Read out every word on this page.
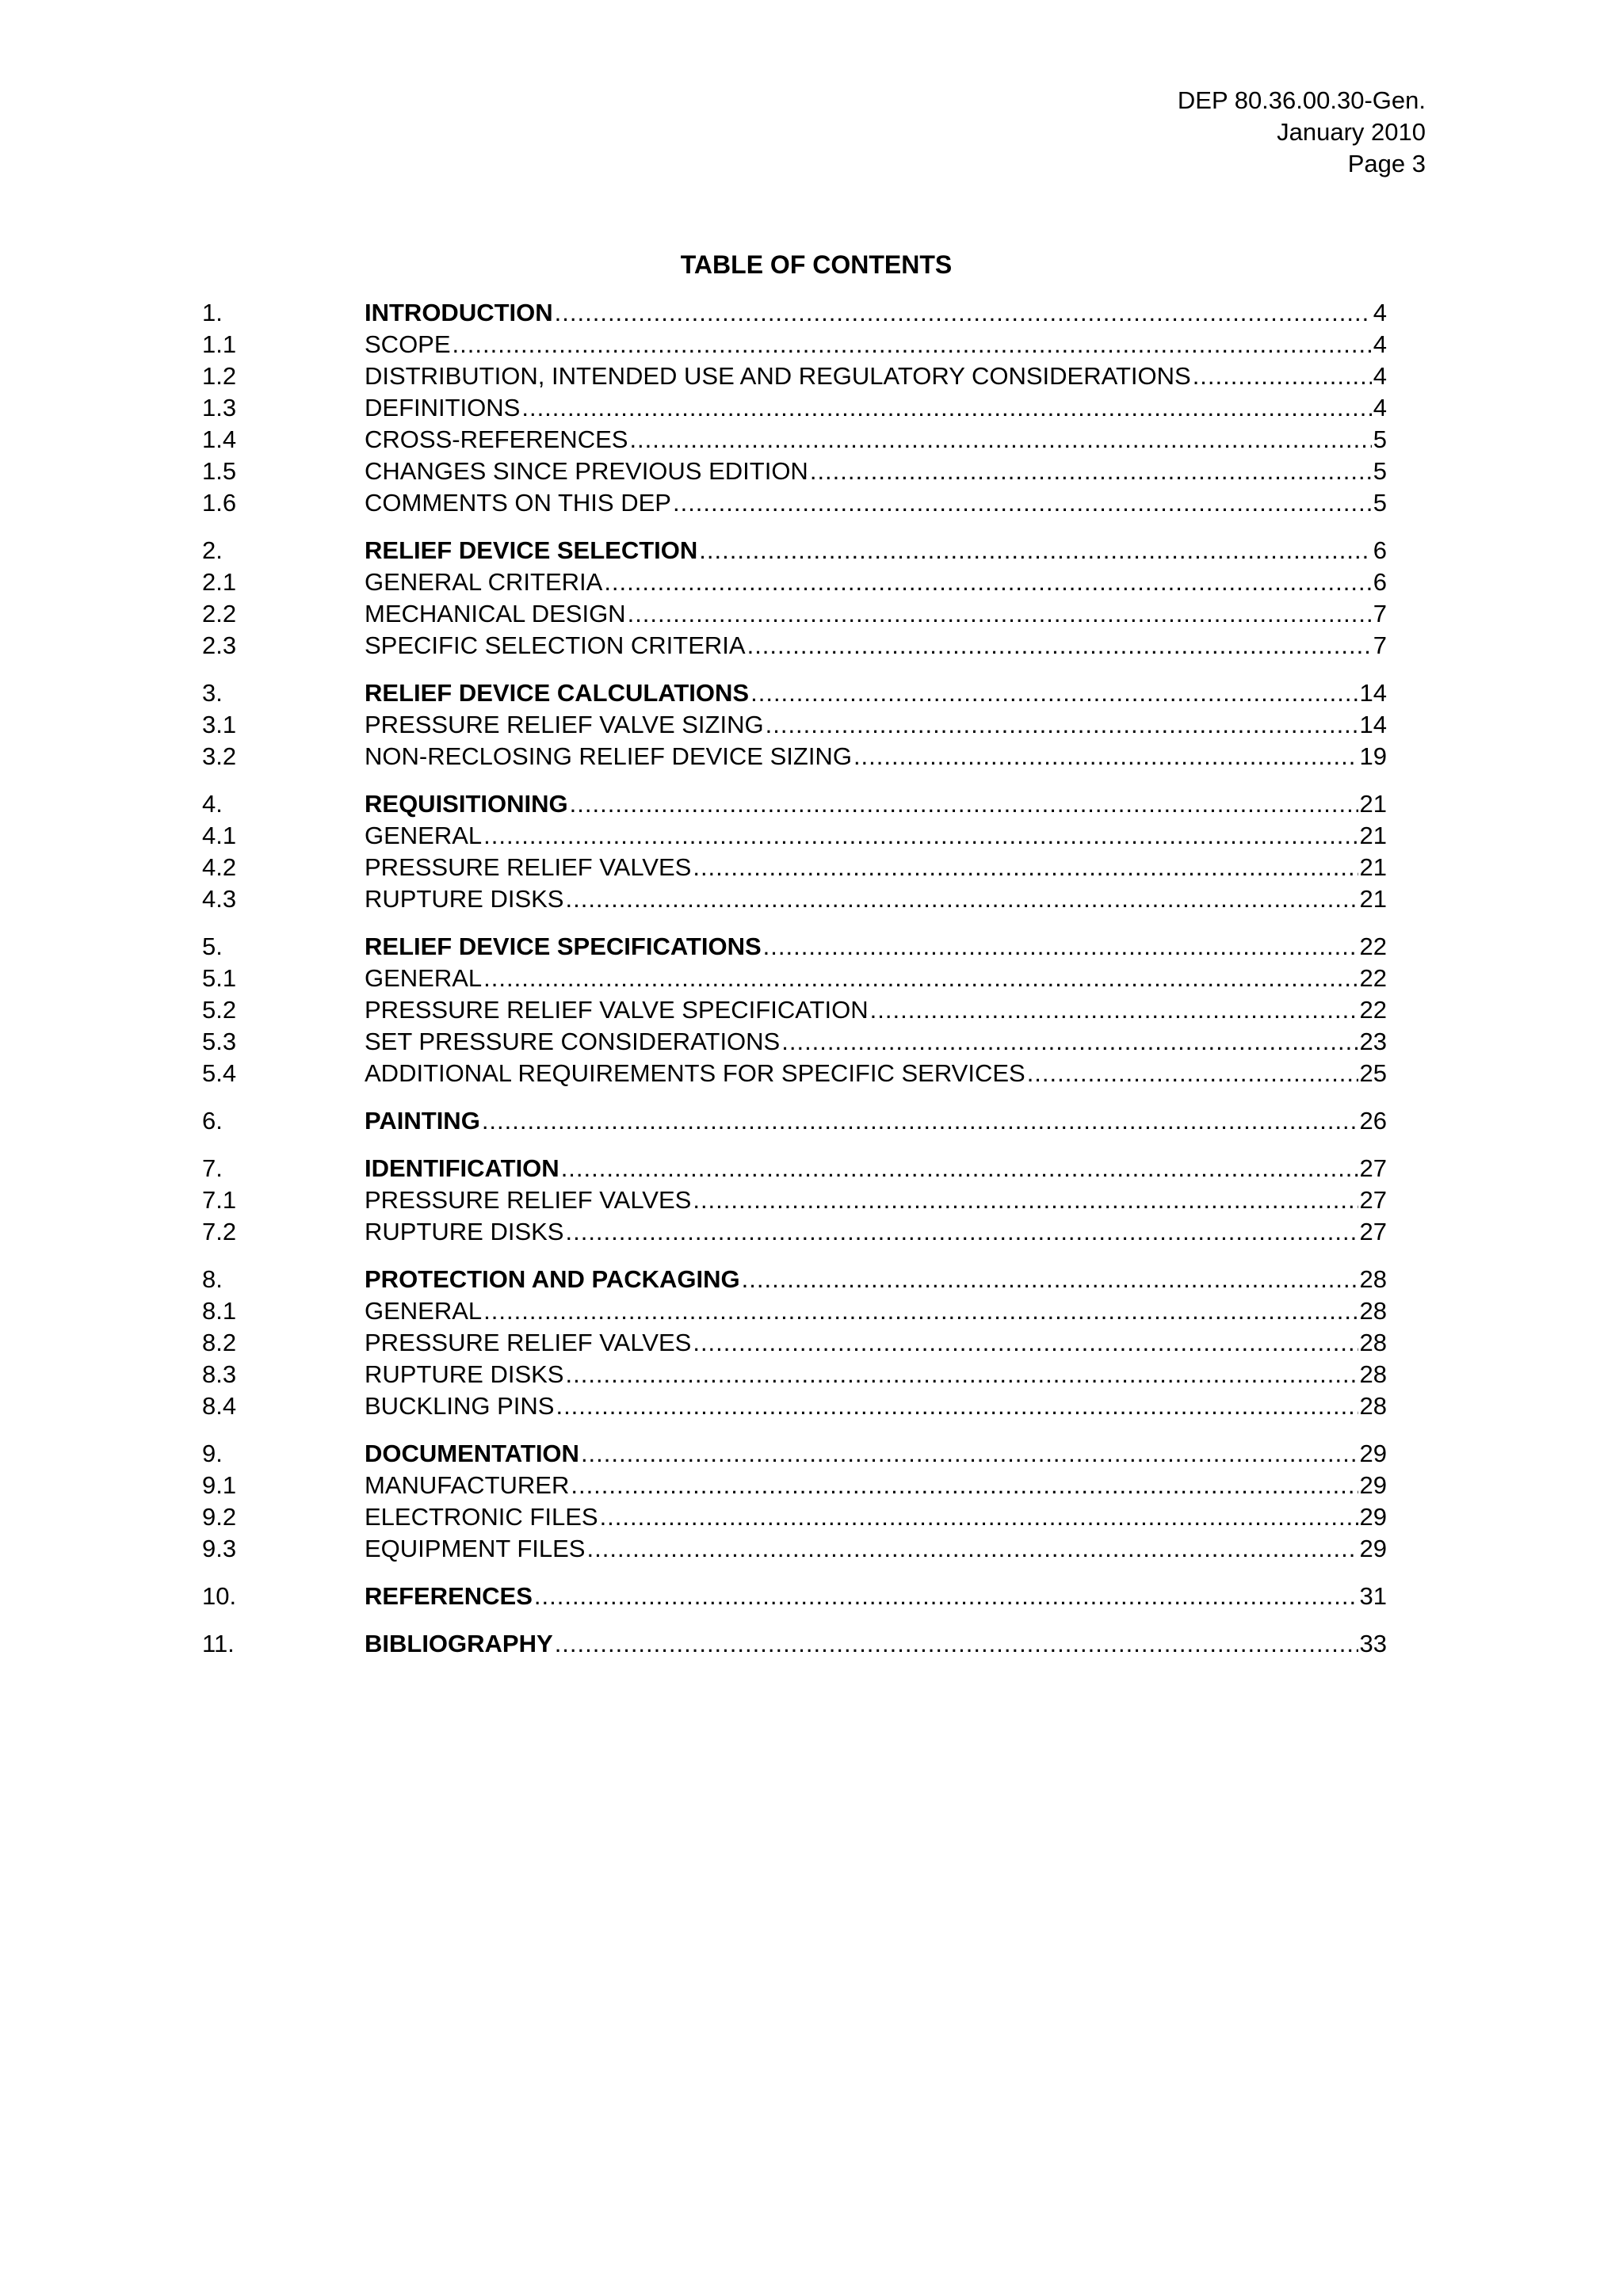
DEP 80.36.00.30-Gen.
January 2010
Page 3
TABLE OF CONTENTS
1.	INTRODUCTION .....	4
1.1	SCOPE .....	4
1.2	DISTRIBUTION, INTENDED USE AND REGULATORY CONSIDERATIONS .....	4
1.3	DEFINITIONS .....	4
1.4	CROSS-REFERENCES .....	5
1.5	CHANGES SINCE PREVIOUS EDITION .....	5
1.6	COMMENTS ON THIS DEP .....	5
2.	RELIEF DEVICE SELECTION .....	6
2.1	GENERAL CRITERIA .....	6
2.2	MECHANICAL DESIGN .....	7
2.3	SPECIFIC SELECTION CRITERIA .....	7
3.	RELIEF DEVICE CALCULATIONS .....	14
3.1	PRESSURE RELIEF VALVE SIZING .....	14
3.2	NON-RECLOSING RELIEF DEVICE SIZING .....	19
4.	REQUISITIONING .....	21
4.1	GENERAL .....	21
4.2	PRESSURE RELIEF VALVES .....	21
4.3	RUPTURE DISKS .....	21
5.	RELIEF DEVICE SPECIFICATIONS .....	22
5.1	GENERAL .....	22
5.2	PRESSURE RELIEF VALVE SPECIFICATION .....	22
5.3	SET PRESSURE CONSIDERATIONS .....	23
5.4	ADDITIONAL REQUIREMENTS FOR SPECIFIC SERVICES .....	25
6.	PAINTING .....	26
7.	IDENTIFICATION .....	27
7.1	PRESSURE RELIEF VALVES .....	27
7.2	RUPTURE DISKS .....	27
8.	PROTECTION AND PACKAGING .....	28
8.1	GENERAL .....	28
8.2	PRESSURE RELIEF VALVES .....	28
8.3	RUPTURE DISKS .....	28
8.4	BUCKLING PINS .....	28
9.	DOCUMENTATION .....	29
9.1	MANUFACTURER .....	29
9.2	ELECTRONIC FILES .....	29
9.3	EQUIPMENT FILES .....	29
10.	REFERENCES .....	31
11.	BIBLIOGRAPHY .....	33
